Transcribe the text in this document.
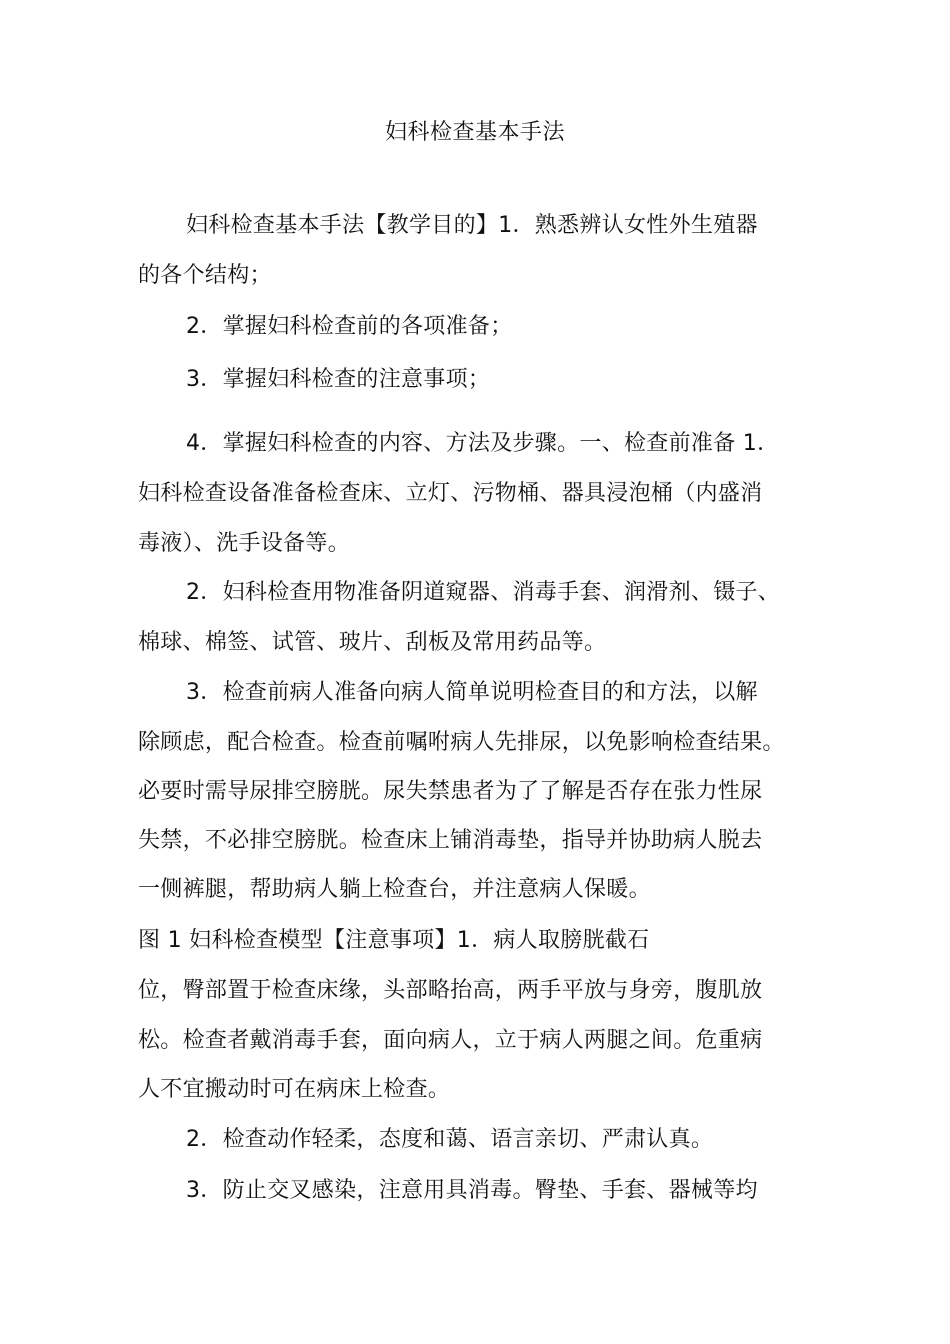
妇科检查基本手法
妇科检查基本手法【教学目的】1．熟悉辨认女性外生殖器
的各个结构；
2．掌握妇科检查前的各项准备；
3．掌握妇科检查的注意事项；
4．掌握妇科检查的内容、方法及步骤。一、检查前准备 1．
妇科检查设备准备检查床、立灯、污物桶、器具浸泡桶（内盛消
毒液）、洗手设备等。
2．妇科检查用物准备阴道窥器、消毒手套、润滑剂、镊子、
棉球、棉签、试管、玻片、刮板及常用药品等。
3．检查前病人准备向病人简单说明检查目的和方法，以解
除顾虑，配合检查。检查前嘱咐病人先排尿，以免影响检查结果。
必要时需导尿排空膀胱。尿失禁患者为了了解是否存在张力性尿
失禁，不必排空膀胱。检查床上铺消毒垫，指导并协助病人脱去
一侧裤腿，帮助病人躺上检查台，并注意病人保暖。
图 1 妇科检查模型【注意事项】1．病人取膀胱截石
位，臀部置于检查床缘，头部略抬高，两手平放与身旁，腹肌放
松。检查者戴消毒手套，面向病人，立于病人两腿之间。危重病
人不宜搬动时可在病床上检查。
2．检查动作轻柔，态度和蔼、语言亲切、严肃认真。
3．防止交叉感染，注意用具消毒。臀垫、手套、器械等均
